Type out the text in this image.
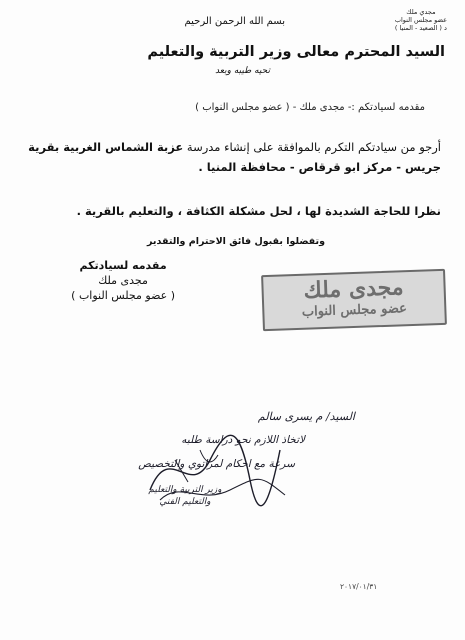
مجدي ملك
عضو مجلس النواب
د ( الصعيد - المنيا )
بسم الله الرحمن الرحيم
السيد المحترم معالى وزير التربية والتعليم
تحيه طيبه وبعد
مقدمه لسيادتكم :- مجدى ملك - ( عضو مجلس النواب )
أرجو من سيادتكم التكرم بالموافقة على إنشاء مدرسة عزبة الشماس الغربية بقرية جريس - مركز ابو قرقاص - محافظة المنيا .
نظرا للحاجة الشديدة لها ، لحل مشكلة الكثافة ، والتعليم بالقرية .
وتفضلوا بقبول فائق الاحترام والتقدير
مقدمه لسيادتكم
مجدى ملك
( عضو مجلس النواب )	مجدى ملك
عضو مجلس النواب
السيد/ م يسرى سالم
لاتخاذ اللازم نحو دراسة طلبه
سرعة مع احكام لمراتوي والتخصيص
وزير التربية والتعليم والتعليم الفني
٢٠١٧/٠١/٣١
